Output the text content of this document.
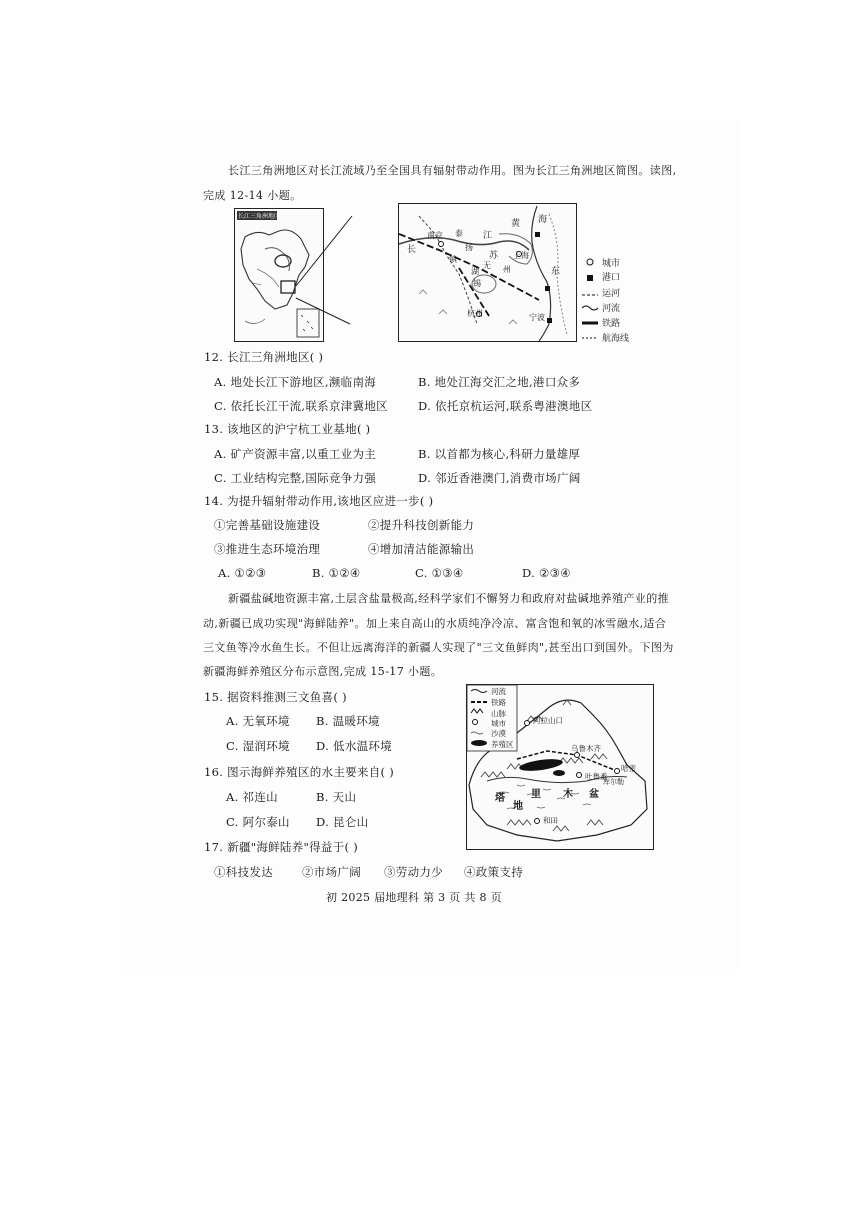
长江三角洲地区对长江流域乃至全国具有辐射带动作用。图为长江三角洲地区简图。读图,
完成 12-14 小题。
长江三角洲地区
黄 海
长
南京 泰 江
镇
扬
苏
州
湖
无
锡
上海
东
杭州	宁波
城市
港口
运河
河流
铁路
航海线
12. 长江三角洲地区( )
A. 地处长江下游地区,濒临南海	B. 地处江海交汇之地,港口众多
C. 依托长江干流,联系京津冀地区	D. 依托京杭运河,联系粤港澳地区
13. 该地区的沪宁杭工业基地( )
A. 矿产资源丰富,以重工业为主	B. 以首都为核心,科研力量雄厚
C. 工业结构完整,国际竞争力强	D. 邻近香港澳门,消费市场广阔
14. 为提升辐射带动作用,该地区应进一步( )
①完善基础设施建设	②提升科技创新能力
③推进生态环境治理	④增加清洁能源输出
A. ①②③	B. ①②④	C. ①③④	D. ②③④
新疆盐碱地资源丰富,土层含盐量极高,经科学家们不懈努力和政府对盐碱地养殖产业的推
动,新疆已成功实现"海鲜陆养"。加上来自高山的水质纯净冷凉、富含饱和氧的冰雪融水,适合
三文鱼等冷水鱼生长。不但让远离海洋的新疆人实现了"三文鱼鲜肉",甚至出口到国外。下图为
新疆海鲜养殖区分布示意图,完成 15-17 小题。
15. 据资料推测三文鱼喜( )
A. 无氧环境 B. 温暖环境
C. 湿润环境 D. 低水温环境
16. 图示海鲜养殖区的水主要来自( )
A. 祁连山	B. 天山
C. 阿尔泰山 D. 昆仑山
河流
铁路
山脉
城市
沙漠
养殖区
阿拉山口
乌鲁木齐
哈密
吐鲁番
塔	里 木 盆
地
和田
库尔勒
17. 新疆"海鲜陆养"得益于( )
①科技发达	②市场广阔 ③劳动力少 ④政策支持
初 2025 届地理科 第 3 页 共 8 页
